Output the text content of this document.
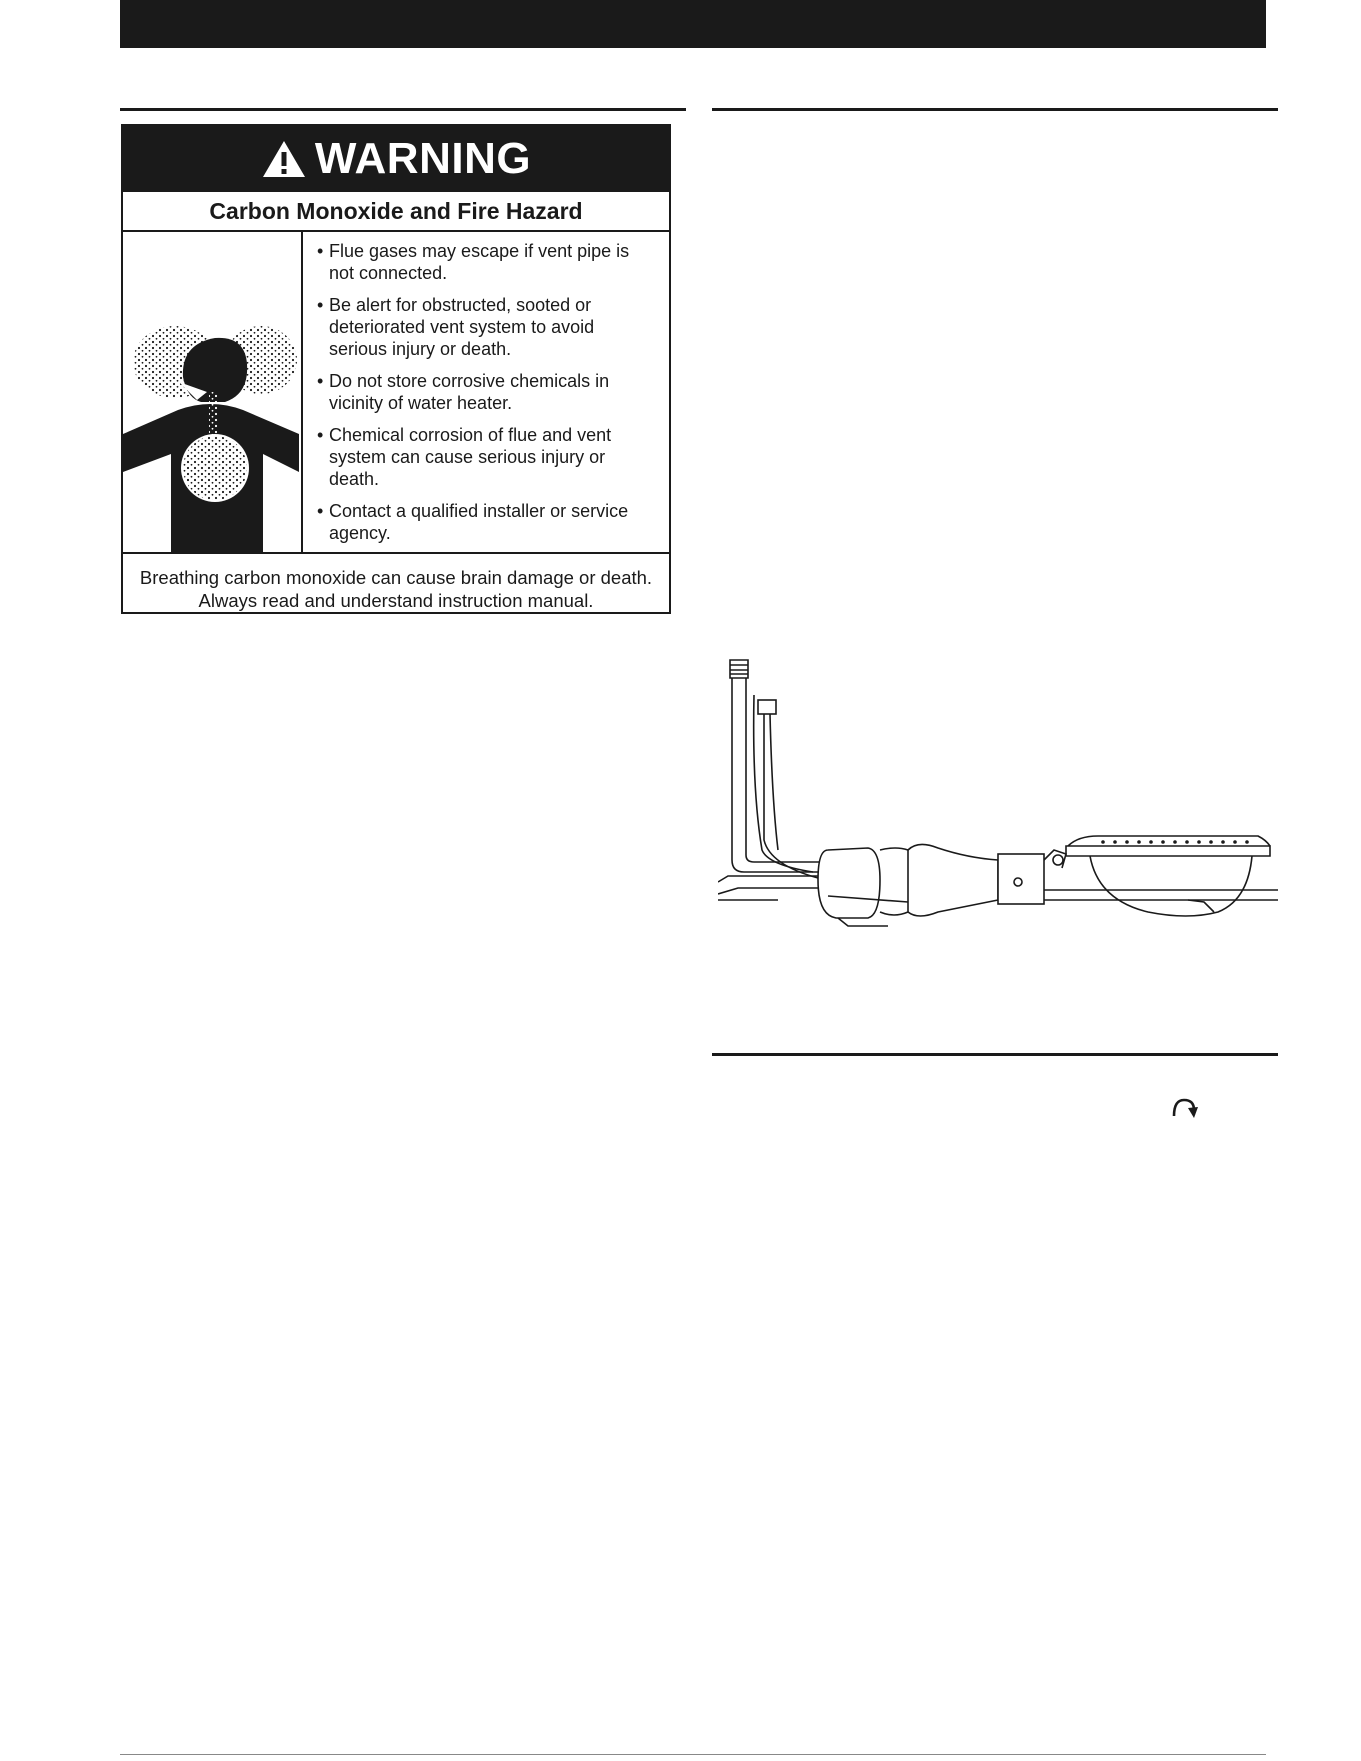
WARNING
Carbon Monoxide and Fire Hazard
• Flue gases may escape if vent pipe is not connected.
• Be alert for obstructed, sooted or deteriorated vent system to avoid serious injury or death.
• Do not store corrosive chemicals in vicinity of water heater.
• Chemical corrosion of flue and vent system can cause serious injury or death.
• Contact a qualified installer or service agency.
Breathing carbon monoxide can cause brain damage or death. Always read and understand instruction manual.
